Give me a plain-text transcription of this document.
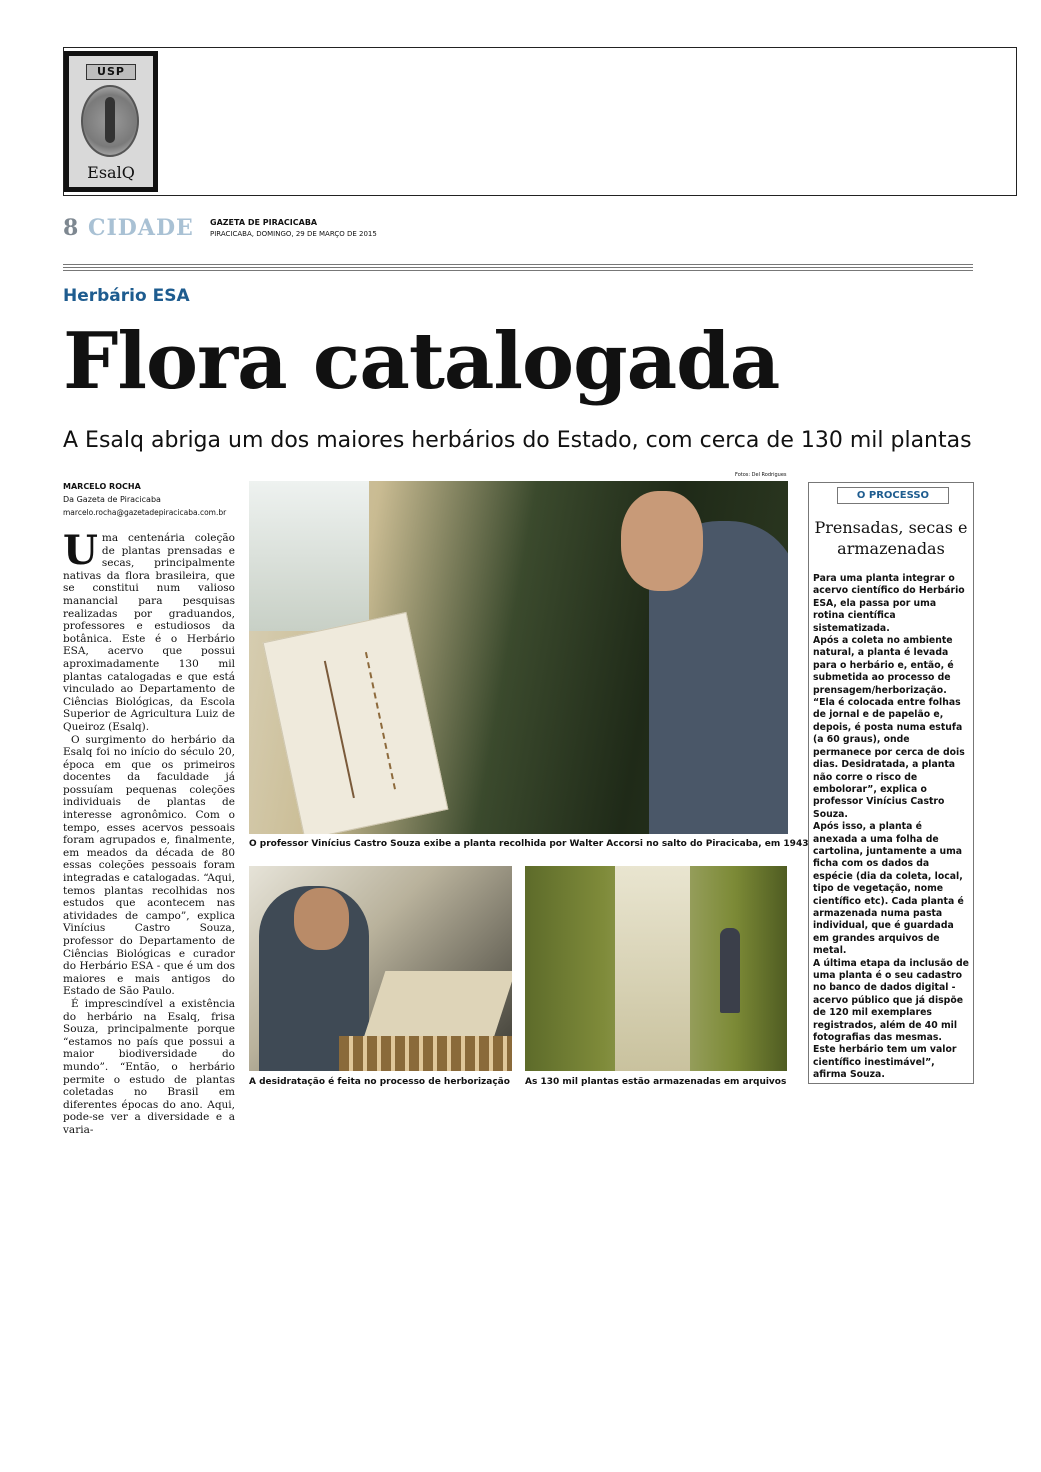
USP
EsalQ
8 CIDADE GAZETA DE PIRACICABA
PIRACICABA, DOMINGO, 29 DE MARÇO DE 2015
Herbário ESA
Flora catalogada
A Esalq abriga um dos maiores herbários do Estado, com cerca de 130 mil plantas
MARCELO ROCHA
Da Gazeta de Piracicaba
marcelo.rocha@gazetadepiracicaba.com.br

Uma centenária coleção de plantas prensadas e secas, principalmente nativas da flora brasileira, que se constitui num valioso manancial para pesquisas realizadas por graduandos, professores e estudiosos da botânica. Este é o Herbário ESA, acervo que possui aproximadamente 130 mil plantas catalogadas e que está vinculado ao Departamento de Ciências Biológicas, da Escola Superior de Agricultura Luiz de Queiroz (Esalq).

O surgimento do herbário da Esalq foi no início do século 20, época em que os primeiros docentes da faculdade já possuíam pequenas coleções individuais de plantas de interesse agronômico. Com o tempo, esses acervos pessoais foram agrupados e, finalmente, em meados da década de 80 essas coleções pessoais foram integradas e catalogadas. “Aqui, temos plantas recolhidas nos estudos que acontecem nas atividades de campo”, explica Vinícius Castro Souza, professor do Departamento de Ciências Biológicas e curador do Herbário ESA - que é um dos maiores e mais antigos do Estado de São Paulo.

É imprescindível a existência do herbário na Esalq, frisa Souza, principalmente porque “estamos no país que possui a maior biodiversidade do mundo”. “Então, o herbário permite o estudo de plantas coletadas no Brasil em diferentes épocas do ano. Aqui, pode-se ver a diversidade e a varia-

Fotos: Del Rodrigues
O professor Vinícius Castro Souza exibe a planta recolhida por Walter Accorsi no salto do Piracicaba, em 1943
A desidratação é feita no processo de herborização As 130 mil plantas estão armazenadas em arquivos
O PROCESSO
Prensadas, secas e armazenadas

Para uma planta integrar o acervo científico do Herbário ESA, ela passa por uma rotina científica sistematizada.

Após a coleta no ambiente natural, a planta é levada para o herbário e, então, é submetida ao processo de prensagem/herborização.

“Ela é colocada entre folhas de jornal e de papelão e, depois, é posta numa estufa (a 60 graus), onde permanece por cerca de dois dias. Desidratada, a planta não corre o risco de embolorar”, explica o professor Vinícius Castro Souza.

Após isso, a planta é anexada a uma folha de cartolina, juntamente a uma ficha com os dados da espécie (dia da coleta, local, tipo de vegetação, nome científico etc). Cada planta é armazenada numa pasta individual, que é guardada em grandes arquivos de metal.

A última etapa da inclusão de uma planta é o seu cadastro no banco de dados digital - acervo público que já dispõe de 120 mil exemplares registrados, além de 40 mil fotografias das mesmas.

Este herbário tem um valor científico inestimável”, afirma Souza.
